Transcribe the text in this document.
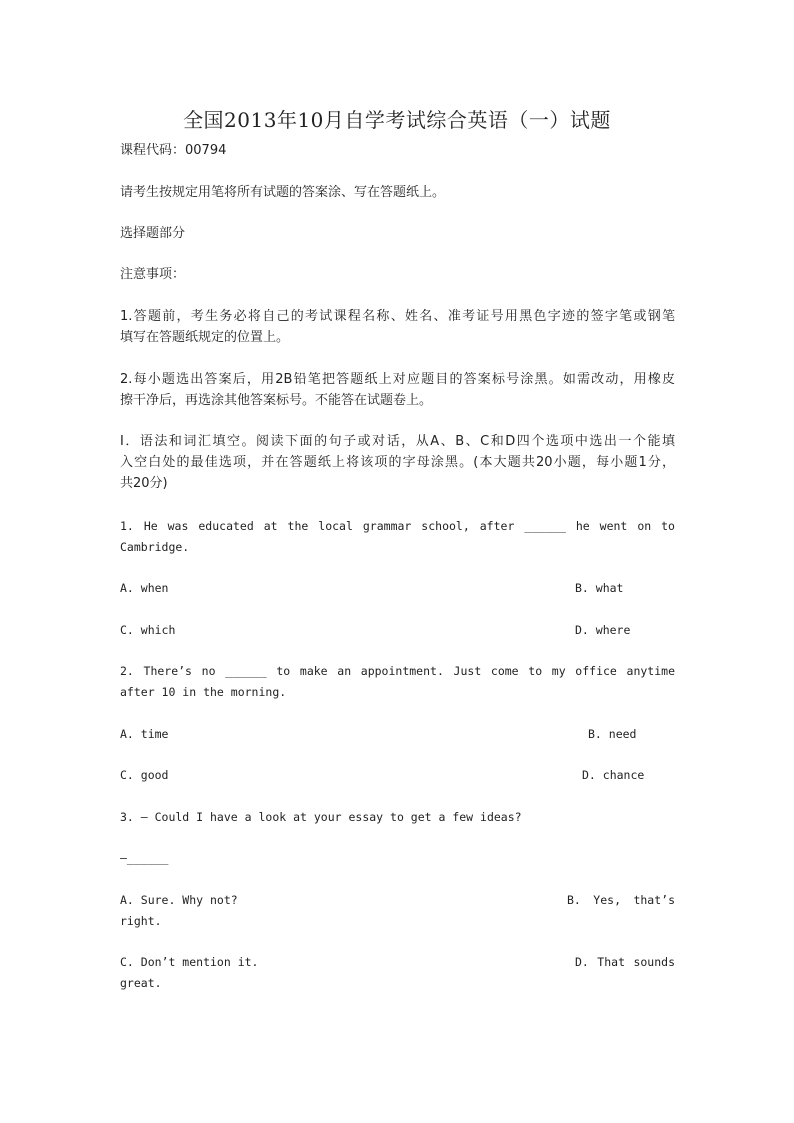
全国2013年10月自学考试综合英语（一）试题
课程代码：00794
请考生按规定用笔将所有试题的答案涂、写在答题纸上。
选择题部分
注意事项：
1.答题前，考生务必将自己的考试课程名称、姓名、准考证号用黑色字迹的签字笔或钢笔
填写在答题纸规定的位置上。
2.每小题选出答案后，用2B铅笔把答题纸上对应题目的答案标号涂黑。如需改动，用橡皮
擦干净后，再选涂其他答案标号。不能答在试题卷上。
Ⅰ．语法和词汇填空。阅读下面的句子或对话，从A、B、C和D四个选项中选出一个能填
入空白处的最佳选项，并在答题纸上将该项的字母涂黑。(本大题共20小题，每小题1分，
共20分)
1. He was educated at the local grammar school, after ______ he went on to
Cambridge.
A. when	B. what
C. which	D. where
2. There’s no ______ to make an appointment. Just come to my office anytime
after 10 in the morning.
A. time	B. need
C. good	D. chance
3. — Could I have a look at your essay to get a few ideas?
—______
A. Sure. Why not?	B. Yes, that’s
right.
C. Don’t mention it.	D. That sounds
great.
